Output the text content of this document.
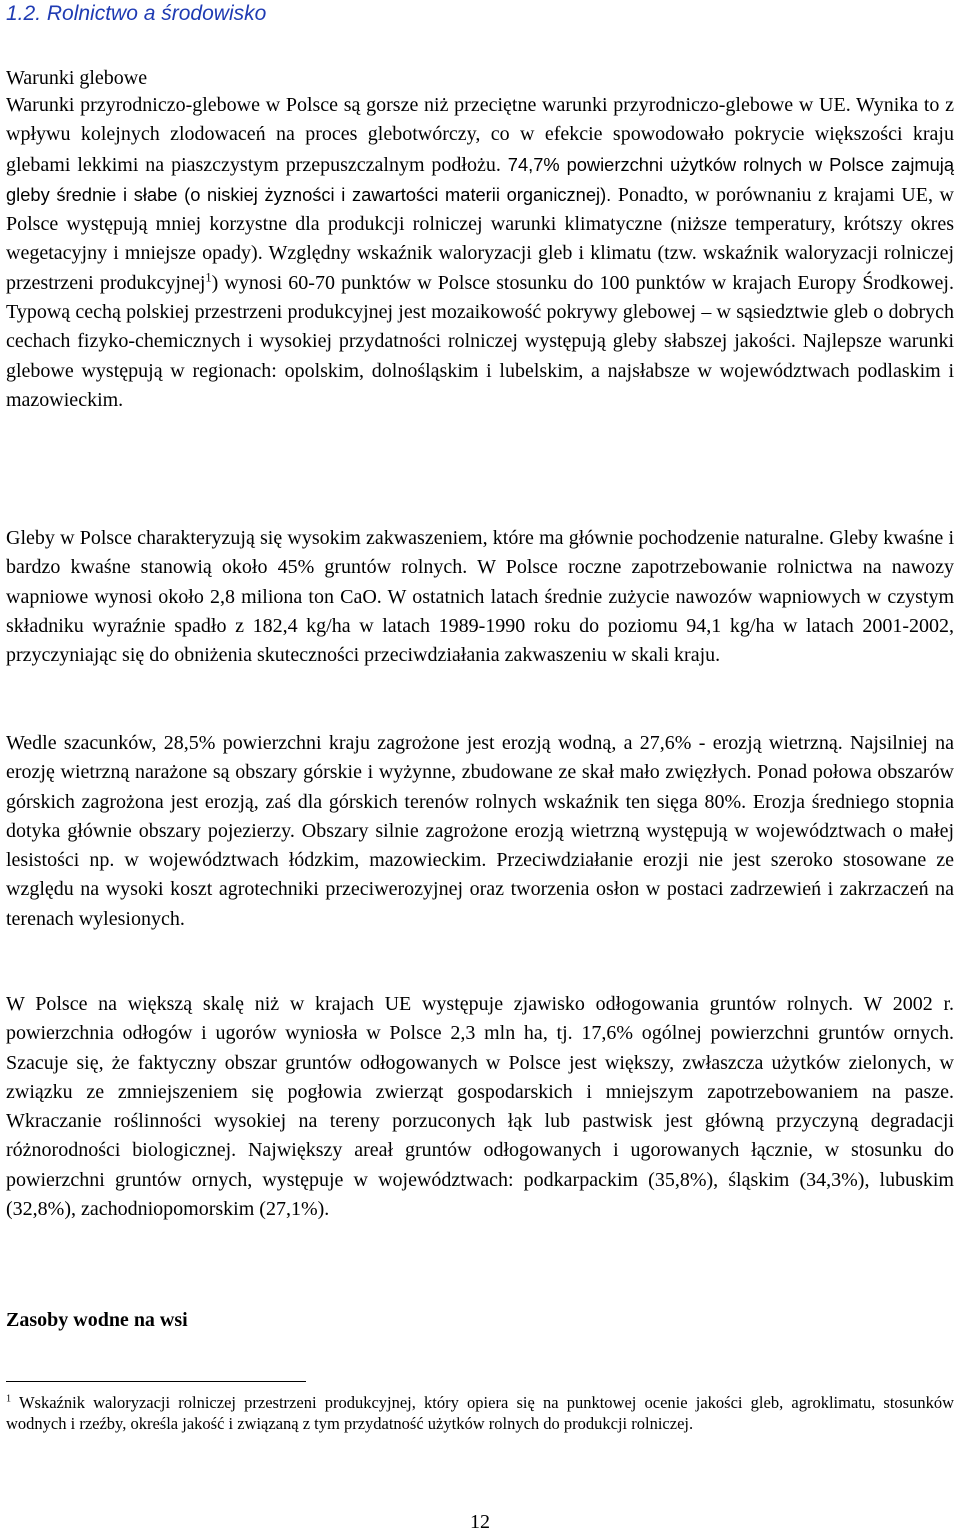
1.2. Rolnictwo a środowisko
Warunki glebowe

Warunki przyrodniczo-glebowe w Polsce są gorsze niż przeciętne warunki przyrodniczo-glebowe w UE. Wynika to z wpływu kolejnych zlodowaceń na proces glebotwórczy, co w efekcie spowodowało pokrycie większości kraju glebami lekkimi na piaszczystym przepuszczalnym podłożu. 74,7% powierzchni użytków rolnych w Polsce zajmują gleby średnie i słabe (o niskiej żyzności i zawartości materii organicznej). Ponadto, w porównaniu z krajami UE, w Polsce występują mniej korzystne dla produkcji rolniczej warunki klimatyczne (niższe temperatury, krótszy okres wegetacyjny i mniejsze opady). Względny wskaźnik waloryzacji gleb i klimatu (tzw. wskaźnik waloryzacji rolniczej przestrzeni produkcyjnej$^1$) wynosi 60-70 punktów w Polsce stosunku do 100 punktów w krajach Europy Środkowej. Typową cechą polskiej przestrzeni produkcyjnej jest mozaikowość pokrywy glebowej – w sąsiedztwie gleb o dobrych cechach fizyko-chemicznych i wysokiej przydatności rolniczej występują gleby słabszej jakości. Najlepsze warunki glebowe występują w regionach: opolskim, dolnośląskim i lubelskim, a najsłabsze w województwach podlaskim i mazowieckim.

Gleby w Polsce charakteryzują się wysokim zakwaszeniem, które ma głównie pochodzenie naturalne. Gleby kwaśne i bardzo kwaśne stanowią około 45% gruntów rolnych. W Polsce roczne zapotrzebowanie rolnictwa na nawozy wapniowe wynosi około 2,8 miliona ton CaO. W ostatnich latach średnie zużycie nawozów wapniowych w czystym składniku wyraźnie spadło z 182,4 kg/ha w latach 1989-1990 roku do poziomu 94,1 kg/ha w latach 2001-2002, przyczyniając się do obniżenia skuteczności przeciwdziałania zakwaszeniu w skali kraju.

Wedle szacunków, 28,5% powierzchni kraju zagrożone jest erozją wodną, a 27,6% - erozją wietrzną. Najsilniej na erozję wietrzną narażone są obszary górskie i wyżynne, zbudowane ze skał mało zwięzłych. Ponad połowa obszarów górskich zagrożona jest erozją, zaś dla górskich terenów rolnych wskaźnik ten sięga 80%. Erozja średniego stopnia dotyka głównie obszary pojezierzy. Obszary silnie zagrożone erozją wietrzną występują w województwach o małej lesistości np. w województwach łódzkim, mazowieckim. Przeciwdziałanie erozji nie jest szeroko stosowane ze względu na wysoki koszt agrotechniki przeciwerozyjnej oraz tworzenia osłon w postaci zadrzewień i zakrzaczeń na terenach wylesionych.

W Polsce na większą skalę niż w krajach UE występuje zjawisko odłogowania gruntów rolnych. W 2002 r. powierzchnia odłogów i ugorów wyniosła w Polsce 2,3 mln ha, tj. 17,6% ogólnej powierzchni gruntów ornych. Szacuje się, że faktyczny obszar gruntów odłogowanych w Polsce jest większy, zwłaszcza użytków zielonych, w związku ze zmniejszeniem się pogłowia zwierząt gospodarskich i mniejszym zapotrzebowaniem na pasze. Wkraczanie roślinności wysokiej na tereny porzuconych łąk lub pastwisk jest główną przyczyną degradacji różnorodności biologicznej. Największy areał gruntów odłogowanych i ugorowanych łącznie, w stosunku do powierzchni gruntów ornych, występuje w województwach: podkarpackim (35,8%), śląskim (34,3%), lubuskim (32,8%), zachodniopomorskim (27,1%).

Zasoby wodne na wsi

$^1$ Wskaźnik waloryzacji rolniczej przestrzeni produkcyjnej, który opiera się na punktowej ocenie jakości gleb, agroklimatu, stosunków wodnych i rzeźby, określa jakość i związaną z tym przydatność użytków rolnych do produkcji rolniczej.

12
